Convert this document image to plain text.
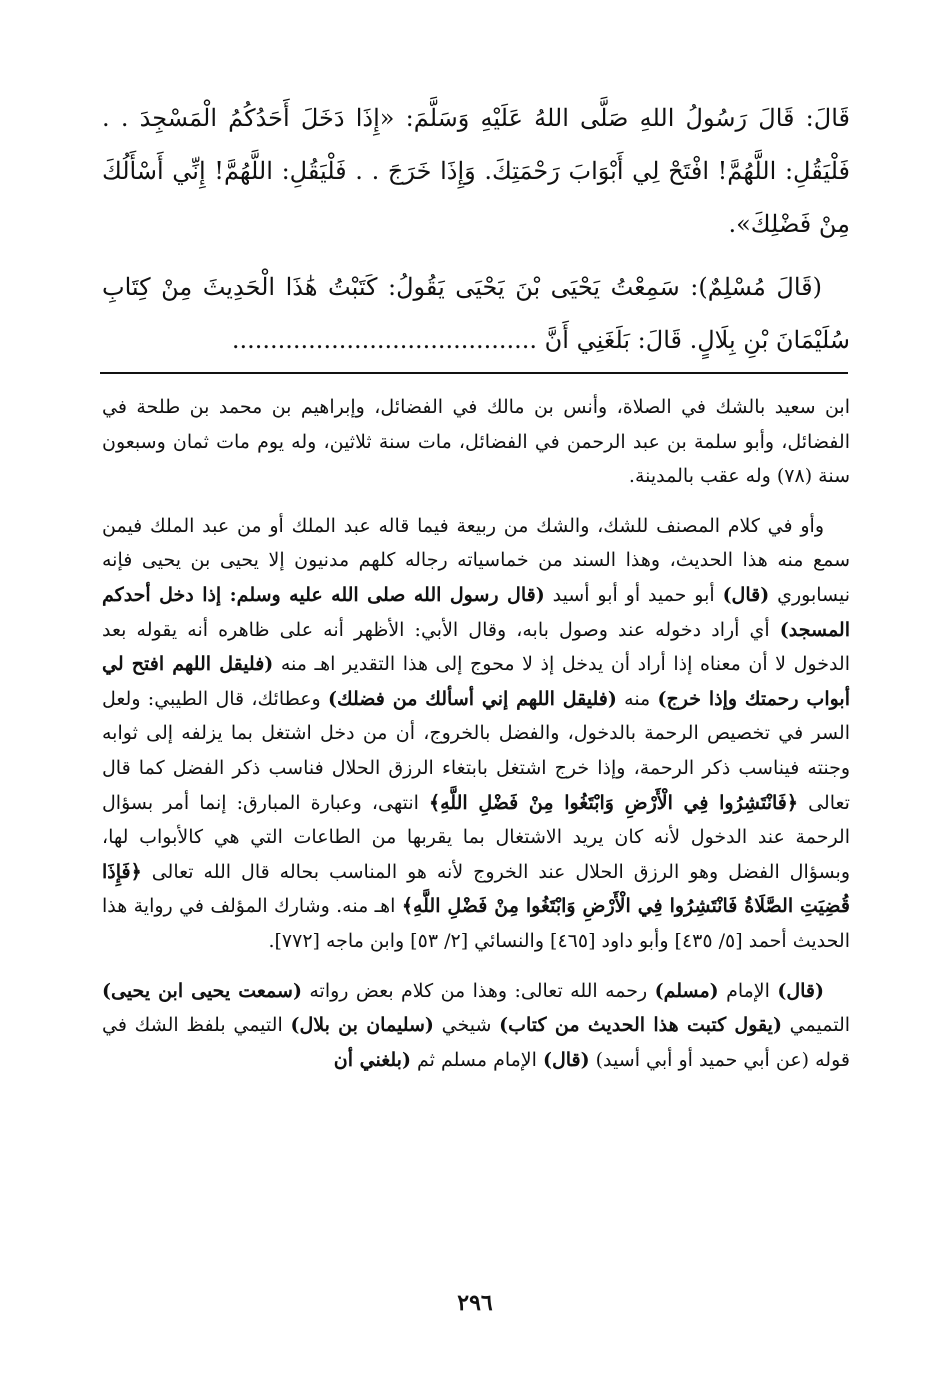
قَالَ: قَالَ رَسُولُ اللهِ صَلَّى اللهُ عَلَيْهِ وَسَلَّمَ: «إِذَا دَخَلَ أَحَدُكُمُ الْمَسْجِدَ . . فَلْيَقُلِ: اللَّهُمَّ! افْتَحْ لِي أَبْوَابَ رَحْمَتِكَ. وَإِذَا خَرَجَ . . فَلْيَقُلِ: اللَّهُمَّ! إِنِّي أَسْأَلُكَ مِنْ فَضْلِكَ».

(قَالَ مُسْلِمٌ): سَمِعْتُ يَحْيَى بْنَ يَحْيَى يَقُولُ: كَتَبْتُ هَٰذَا الْحَدِيثَ مِنْ كِتَابِ سُلَيْمَانَ بْنِ بِلَالٍ. قَالَ: بَلَغَنِي أَنَّ ........................................

ابن سعيد بالشك في الصلاة، وأنس بن مالك في الفضائل، وإبراهيم بن محمد بن طلحة في الفضائل، وأبو سلمة بن عبد الرحمن في الفضائل، مات سنة ثلاثين، وله يوم مات ثمان وسبعون سنة (٧٨) وله عقب بالمدينة.

وأو في كلام المصنف للشك، والشك من ربيعة فيما قاله عبد الملك أو من عبد الملك فيمن سمع منه هذا الحديث، وهذا السند من خماسياته رجاله كلهم مدنيون إلا يحيى بن يحيى فإنه نيسابوري (قال) أبو حميد أو أبو أسيد (قال رسول الله صلى الله عليه وسلم: إذا دخل أحدكم المسجد) أي أراد دخوله عند وصول بابه، وقال الأبي: الأظهر أنه على ظاهره أنه يقوله بعد الدخول لا أن معناه إذا أراد أن يدخل إذ لا محوج إلى هذا التقدير اهـ منه (فليقل اللهم افتح لي أبواب رحمتك وإذا خرج) منه (فليقل اللهم إني أسألك من فضلك) وعطائك، قال الطيبي: ولعل السر في تخصيص الرحمة بالدخول، والفضل بالخروج، أن من دخل اشتغل بما يزلفه إلى ثوابه وجنته فيناسب ذكر الرحمة، وإذا خرج اشتغل بابتغاء الرزق الحلال فناسب ذكر الفضل كما قال تعالى ﴿فَانْتَشِرُوا فِي الْأَرْضِ وَابْتَغُوا مِنْ فَضْلِ اللَّهِ﴾ انتهى، وعبارة المبارق: إنما أمر بسؤال الرحمة عند الدخول لأنه كان يريد الاشتغال بما يقربها من الطاعات التي هي كالأبواب لها، وبسؤال الفضل وهو الرزق الحلال عند الخروج لأنه هو المناسب بحاله قال الله تعالى ﴿فَإِذَا قُضِيَتِ الصَّلَاةُ فَانْتَشِرُوا فِي الْأَرْضِ وَابْتَغُوا مِنْ فَضْلِ اللَّهِ﴾ اهـ منه. وشارك المؤلف في رواية هذا الحديث أحمد [٥/ ٤٣٥] وأبو داود [٤٦٥] والنسائي [٢/ ٥٣] وابن ماجه [٧٧٢].

(قال) الإمام (مسلم) رحمه الله تعالى: وهذا من كلام بعض رواته (سمعت يحيى ابن يحيى) التميمي (يقول كتبت هذا الحديث من كتاب) شيخي (سليمان بن بلال) التيمي بلفظ الشك في قوله (عن أبي حميد أو أبي أسيد) (قال) الإمام مسلم ثم (بلغني أن

٢٩٦
